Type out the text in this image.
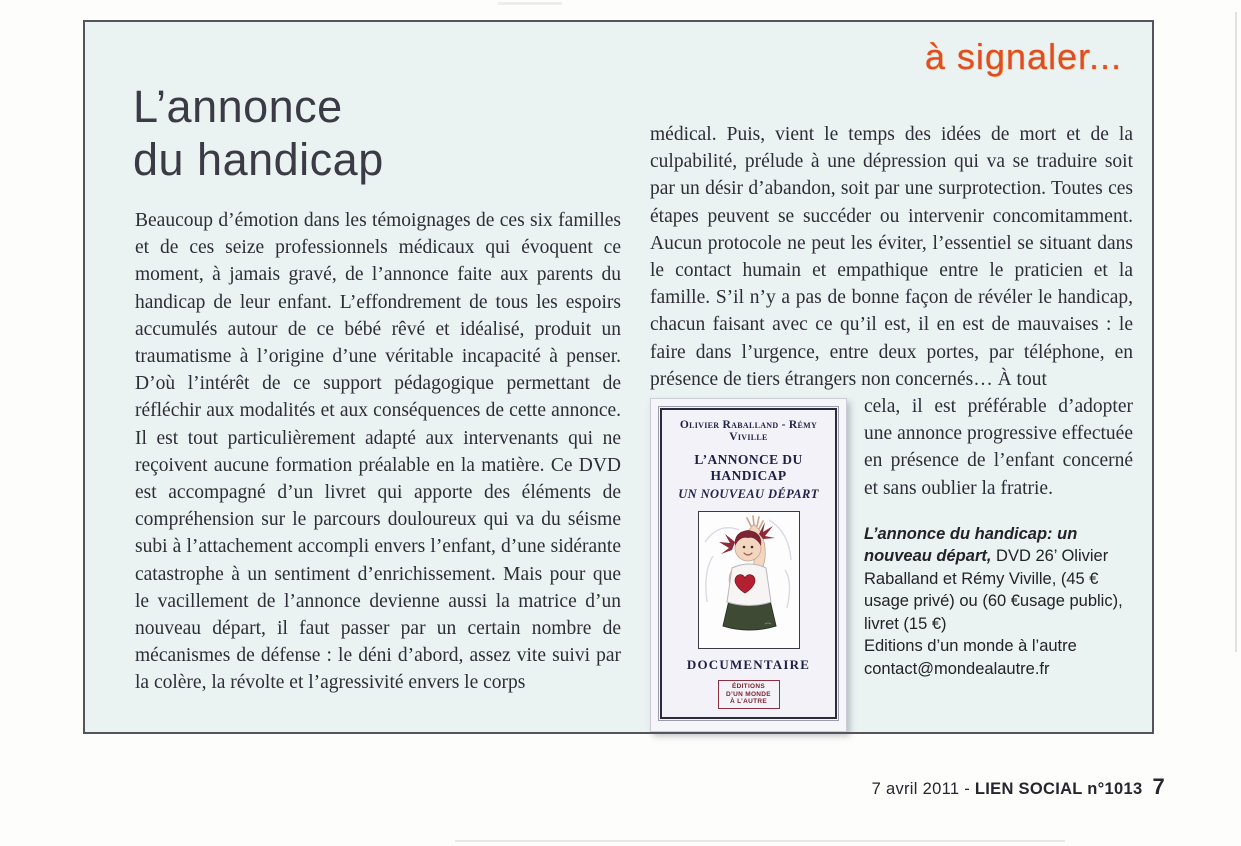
à signaler...
L’annonce
du handicap

Beaucoup d’émotion dans les témoignages de ces six familles et de ces seize professionnels médicaux qui évoquent ce moment, à jamais gravé, de l’annonce faite aux parents du handicap de leur enfant. L’effondrement de tous les espoirs accumulés autour de ce bébé rêvé et idéalisé, produit un traumatisme à l’origine d’une véritable incapacité à penser. D’où l’intérêt de ce support pédagogique permettant de réfléchir aux modalités et aux conséquences de cette annonce. Il est tout particulièrement adapté aux intervenants qui ne reçoivent aucune formation préalable en la matière. Ce DVD est accompagné d’un livret qui apporte des éléments de compréhension sur le parcours douloureux qui va du séisme subi à l’attachement accompli envers l’enfant, d’une sidérante catastrophe à un sentiment d’enrichissement. Mais pour que le vacillement de l’annonce devienne aussi la matrice d’un nouveau départ, il faut passer par un certain nombre de mécanismes de défense : le déni d’abord, assez vite suivi par la colère, la révolte et l’agressivité envers le corps

médical. Puis, vient le temps des idées de mort et de la culpabilité, prélude à une dépression qui va se traduire soit par un désir d’abandon, soit par une surprotection. Toutes ces étapes peuvent se succéder ou intervenir concomitamment. Aucun protocole ne peut les éviter, l’essentiel se situant dans le contact humain et empathique entre le praticien et la famille. S’il n’y a pas de bonne façon de révéler le handicap, chacun faisant avec ce qu’il est, il en est de mauvaises : le faire dans l’urgence, entre deux portes, par téléphone, en présence de tiers étrangers non concernés… À tout

Olivier Raballand - Rémy Viville
L’ANNONCE DU HANDICAP
UN NOUVEAU DÉPART
DOCUMENTAIRE
ÉDITIONS
D’UN MONDE
À L’AUTRE

cela, il est préférable d’adopter une annonce progressive effectuée en présence de l’enfant concerné et sans oublier la fratrie.

L’annonce du handicap: un nouveau départ, DVD 26’ Olivier Raballand et Rémy Viville, (45 € usage privé) ou (60 €usage public), livret (15 €)
Editions d’un monde à l’autre
contact@mondealautre.fr
7 avril 2011 - LIEN SOCIAL n°1013 7
